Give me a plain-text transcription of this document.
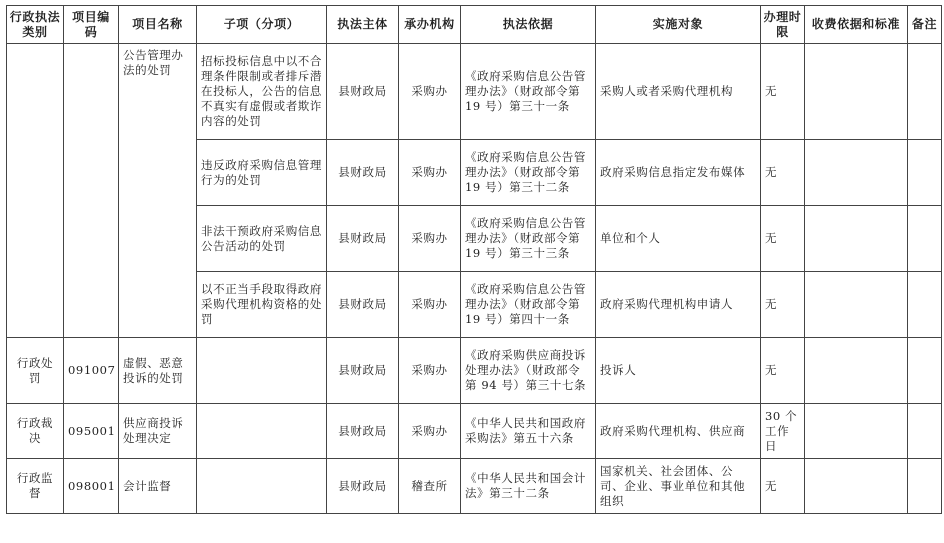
行政执法类别	项目编码	项目名称	子项（分项）	执法主体	承办机构	执法依据	实施对象	办理时限	收费依据和标准	备注
		公告管理办法的处罚	招标投标信息中以不合理条件限制或者排斥潜在投标人，公告的信息不真实有虚假或者欺诈内容的处罚	县财政局	采购办	《政府采购信息公告管理办法》（财政部令第 19 号）第三十一条	采购人或者采购代理机构	无		
			违反政府采购信息管理行为的处罚	县财政局	采购办	《政府采购信息公告管理办法》（财政部令第 19 号）第三十二条	政府采购信息指定发布媒体	无		
			非法干预政府采购信息公告活动的处罚	县财政局	采购办	《政府采购信息公告管理办法》（财政部令第 19 号）第三十三条	单位和个人	无		
			以不正当手段取得政府采购代理机构资格的处罚	县财政局	采购办	《政府采购信息公告管理办法》（财政部令第 19 号）第四十一条	政府采购代理机构申请人	无		
行政处罚	091007	虚假、恶意投诉的处罚		县财政局	采购办	《政府采购供应商投诉处理办法》（财政部令第 94 号）第三十七条	投诉人	无		
行政裁决	095001	供应商投诉处理决定		县财政局	采购办	《中华人民共和国政府采购法》第五十六条	政府采购代理机构、供应商	30 个工作日		
行政监督	098001	会计监督		县财政局	稽查所	《中华人民共和国会计法》第三十二条	国家机关、社会团体、公司、企业、事业单位和其他组织	无		
